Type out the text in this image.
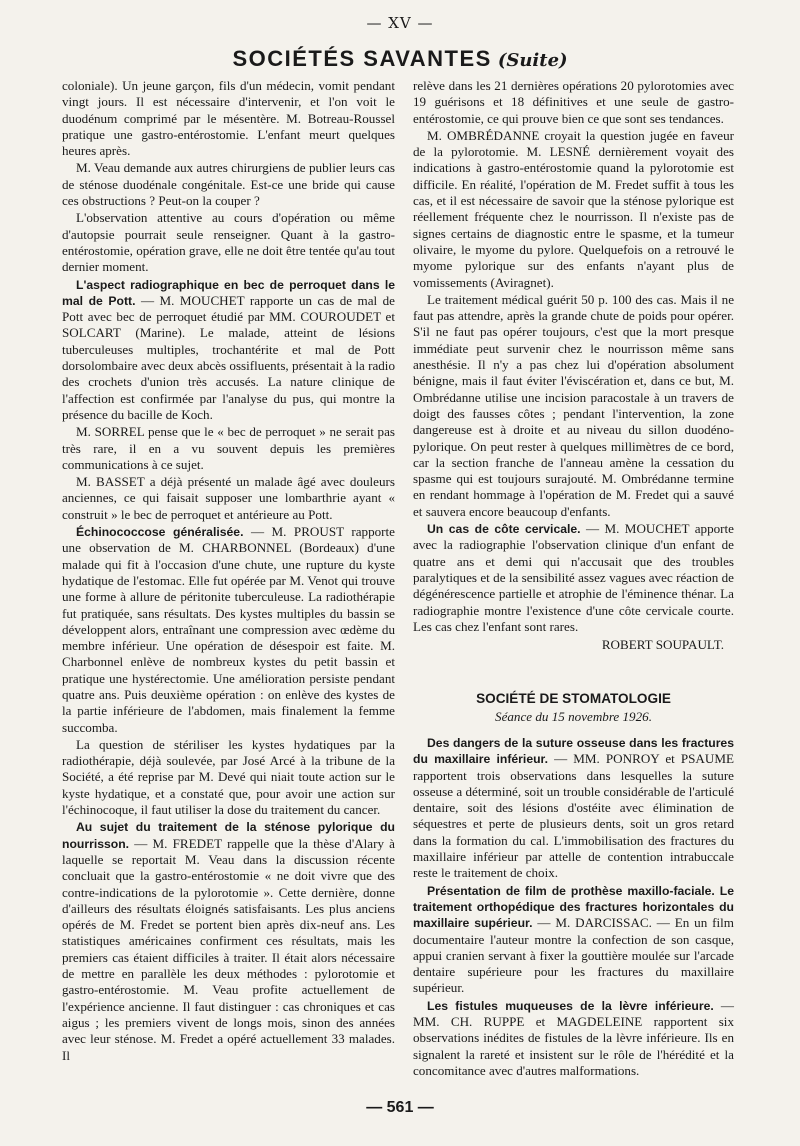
— XV —
SOCIÉTÉS SAVANTES (Suite)

coloniale). Un jeune garçon, fils d'un médecin, vomit pendant vingt jours. Il est nécessaire d'intervenir, et l'on voit le duodénum comprimé par le mésentère. M. Botreau-Roussel pratique une gastro-entérostomie. L'enfant meurt quelques heures après.

M. Veau demande aux autres chirurgiens de publier leurs cas de sténose duodénale congénitale. Est-ce une bride qui cause ces obstructions ? Peut-on la couper ?

L'observation attentive au cours d'opération ou même d'autopsie pourrait seule renseigner. Quant à la gastro-entérostomie, opération grave, elle ne doit être tentée qu'au tout dernier moment.

L'aspect radiographique en bec de perroquet dans le mal de Pott. — M. MOUCHET rapporte un cas de mal de Pott avec bec de perroquet étudié par MM. COUROUDET et SOLCART (Marine). Le malade, atteint de lésions tuberculeuses multiples, trochantérite et mal de Pott dorsolombaire avec deux abcès ossifluents, présentait à la radio des crochets d'union très accusés. La nature clinique de l'affection est confirmée par l'analyse du pus, qui montre la présence du bacille de Koch.

M. SORREL pense que le « bec de perroquet » ne serait pas très rare, il en a vu souvent depuis les premières communications à ce sujet.

M. BASSET a déjà présenté un malade âgé avec douleurs anciennes, ce qui faisait supposer une lombarthrie ayant « construit » le bec de perroquet et antérieure au Pott.

Échinococcose généralisée. — M. PROUST rapporte une observation de M. CHARBONNEL (Bordeaux) d'une malade qui fit à l'occasion d'une chute, une rupture du kyste hydatique de l'estomac. Elle fut opérée par M. Venot qui trouve une forme à allure de péritonite tuberculeuse. La radiothérapie fut pratiquée, sans résultats. Des kystes multiples du bassin se développent alors, entraînant une compression avec œdème du membre inférieur. Une opération de désespoir est faite. M. Charbonnel enlève de nombreux kystes du petit bassin et pratique une hystérectomie. Une amélioration persiste pendant quatre ans. Puis deuxième opération : on enlève des kystes de la partie inférieure de l'abdomen, mais finalement la femme succomba.

La question de stériliser les kystes hydatiques par la radiothérapie, déjà soulevée, par José Arcé à la tribune de la Société, a été reprise par M. Devé qui niait toute action sur le kyste hydatique, et a constaté que, pour avoir une action sur l'échinocoque, il faut utiliser la dose du traitement du cancer.

Au sujet du traitement de la sténose pylorique du nourrisson. — M. FREDET rappelle que la thèse d'Alary à laquelle se reportait M. Veau dans la discussion récente concluait que la gastro-entérostomie « ne doit vivre que des contre-indications de la pylorotomie ». Cette dernière, donne d'ailleurs des résultats éloignés satisfaisants. Les plus anciens opérés de M. Fredet se portent bien après dix-neuf ans. Les statistiques américaines confirment ces résultats, mais les premiers cas étaient difficiles à traiter. Il était alors nécessaire de mettre en parallèle les deux méthodes : pylorotomie et gastro-entérostomie. M. Veau profite actuellement de l'expérience ancienne. Il faut distinguer : cas chroniques et cas aigus ; les premiers vivent de longs mois, sinon des années avec leur sténose. M. Fredet a opéré actuellement 33 malades. Il

relève dans les 21 dernières opérations 20 pylorotomies avec 19 guérisons et 18 définitives et une seule de gastro-entérostomie, ce qui prouve bien ce que sont ses tendances.

M. OMBRÉDANNE croyait la question jugée en faveur de la pylorotomie. M. LESNÉ dernièrement voyait des indications à gastro-entérostomie quand la pylorotomie est difficile. En réalité, l'opération de M. Fredet suffit à tous les cas, et il est nécessaire de savoir que la sténose pylorique est réellement fréquente chez le nourrisson. Il n'existe pas de signes certains de diagnostic entre le spasme, et la tumeur olivaire, le myome du pylore. Quelquefois on a retrouvé le myome pylorique sur des enfants n'ayant plus de vomissements (Aviragnet).

Le traitement médical guérit 50 p. 100 des cas. Mais il ne faut pas attendre, après la grande chute de poids pour opérer. S'il ne faut pas opérer toujours, c'est que la mort presque immédiate peut survenir chez le nourrisson même sans anesthésie. Il n'y a pas chez lui d'opération absolument bénigne, mais il faut éviter l'éviscération et, dans ce but, M. Ombrédanne utilise une incision paracostale à un travers de doigt des fausses côtes ; pendant l'intervention, la zone dangereuse est à droite et au niveau du sillon duodéno-pylorique. On peut rester à quelques millimètres de ce bord, car la section franche de l'anneau amène la cessation du spasme qui est toujours surajouté. M. Ombrédanne termine en rendant hommage à l'opération de M. Fredet qui a sauvé et sauvera encore beaucoup d'enfants.

Un cas de côte cervicale. — M. MOUCHET apporte avec la radiographie l'observation clinique d'un enfant de quatre ans et demi qui n'accusait que des troubles paralytiques et de la sensibilité assez vagues avec réaction de dégénérescence partielle et atrophie de l'éminence thénar. La radiographie montre l'existence d'une côte cervicale courte. Les cas chez l'enfant sont rares.

ROBERT SOUPAULT.

SOCIÉTÉ DE STOMATOLOGIE

Séance du 15 novembre 1926.

Des dangers de la suture osseuse dans les fractures du maxillaire inférieur. — MM. PONROY et PSAUME rapportent trois observations dans lesquelles la suture osseuse a déterminé, soit un trouble considérable de l'articulé dentaire, soit des lésions d'ostéite avec élimination de séquestres et perte de plusieurs dents, soit un gros retard dans la formation du cal. L'immobilisation des fractures du maxillaire inférieur par attelle de contention intrabuccale reste le traitement de choix.

Présentation de film de prothèse maxillo-faciale. Le traitement orthopédique des fractures horizontales du maxillaire supérieur. — M. DARCISSAC. — En un film documentaire l'auteur montre la confection de son casque, appui cranien servant à fixer la gouttière moulée sur l'arcade dentaire supérieure pour les fractures du maxillaire supérieur.

Les fistules muqueuses de la lèvre inférieure. — MM. CH. RUPPE et MAGDELEINE rapportent six observations inédites de fistules de la lèvre inférieure. Ils en signalent la rareté et insistent sur le rôle de l'hérédité et la concomitance avec d'autres malformations.

— 561 —
